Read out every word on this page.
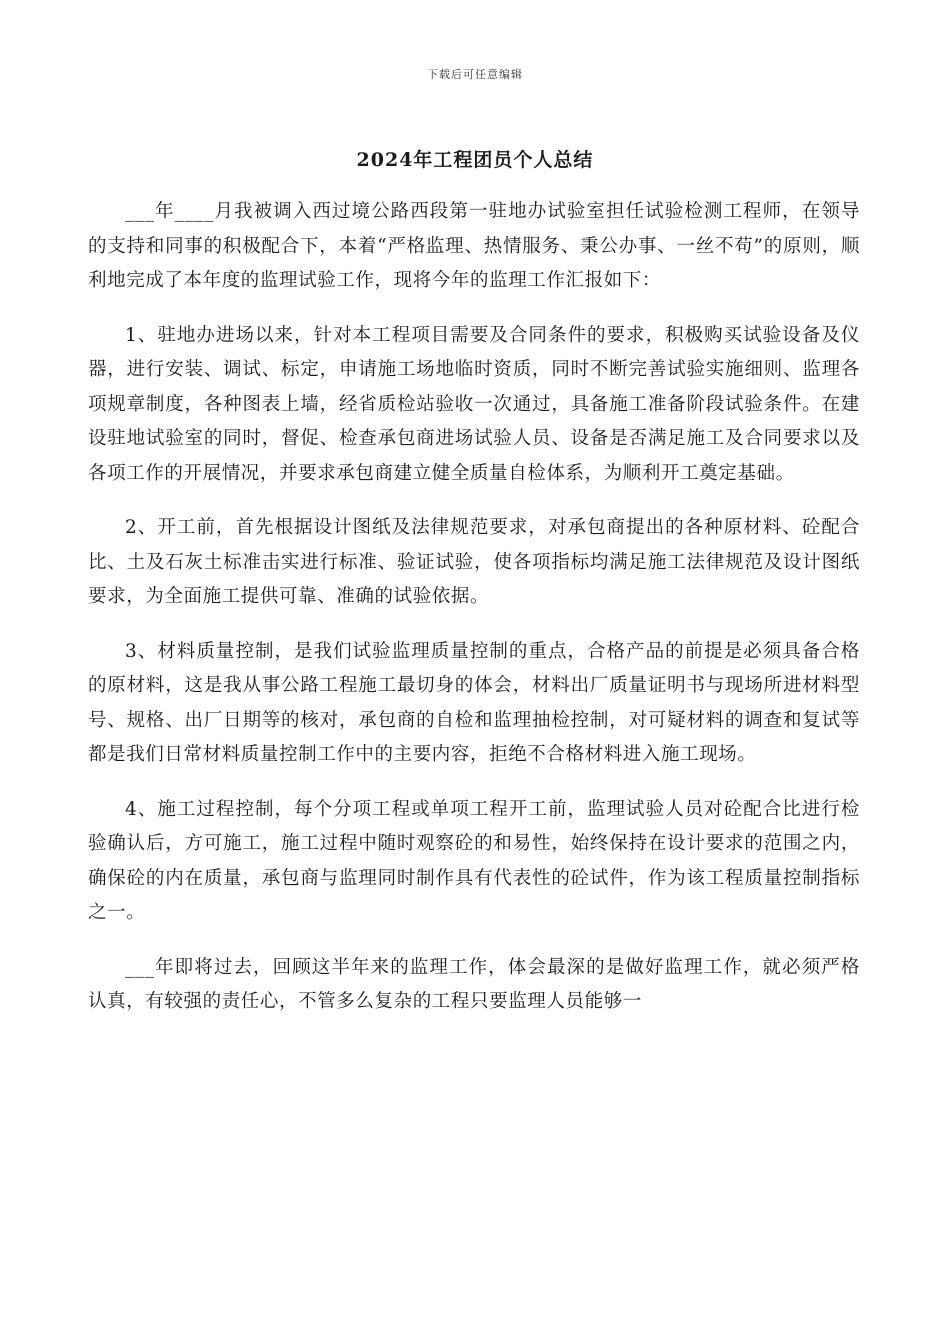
下载后可任意编辑
2024年工程团员个人总结

___年____月我被调入西过境公路西段第一驻地办试验室担任试验检测工程师，在领导的支持和同事的积极配合下，本着“严格监理、热情服务、秉公办事、一丝不苟”的原则，顺利地完成了本年度的监理试验工作，现将今年的监理工作汇报如下：

1、驻地办进场以来，针对本工程项目需要及合同条件的要求，积极购买试验设备及仪器，进行安装、调试、标定，申请施工场地临时资质，同时不断完善试验实施细则、监理各项规章制度，各种图表上墙，经省质检站验收一次通过，具备施工准备阶段试验条件。在建设驻地试验室的同时，督促、检查承包商进场试验人员、设备是否满足施工及合同要求以及各项工作的开展情况，并要求承包商建立健全质量自检体系，为顺利开工奠定基础。

2、开工前，首先根据设计图纸及法律规范要求，对承包商提出的各种原材料、砼配合比、土及石灰土标准击实进行标准、验证试验，使各项指标均满足施工法律规范及设计图纸要求，为全面施工提供可靠、准确的试验依据。

3、材料质量控制，是我们试验监理质量控制的重点，合格产品的前提是必须具备合格的原材料，这是我从事公路工程施工最切身的体会，材料出厂质量证明书与现场所进材料型号、规格、出厂日期等的核对，承包商的自检和监理抽检控制，对可疑材料的调查和复试等都是我们日常材料质量控制工作中的主要内容，拒绝不合格材料进入施工现场。

4、施工过程控制，每个分项工程或单项工程开工前，监理试验人员对砼配合比进行检验确认后，方可施工，施工过程中随时观察砼的和易性，始终保持在设计要求的范围之内，确保砼的内在质量，承包商与监理同时制作具有代表性的砼试件，作为该工程质量控制指标之一。

___年即将过去，回顾这半年来的监理工作，体会最深的是做好监理工作，就必须严格认真，有较强的责任心，不管多么复杂的工程只要监理人员能够一
